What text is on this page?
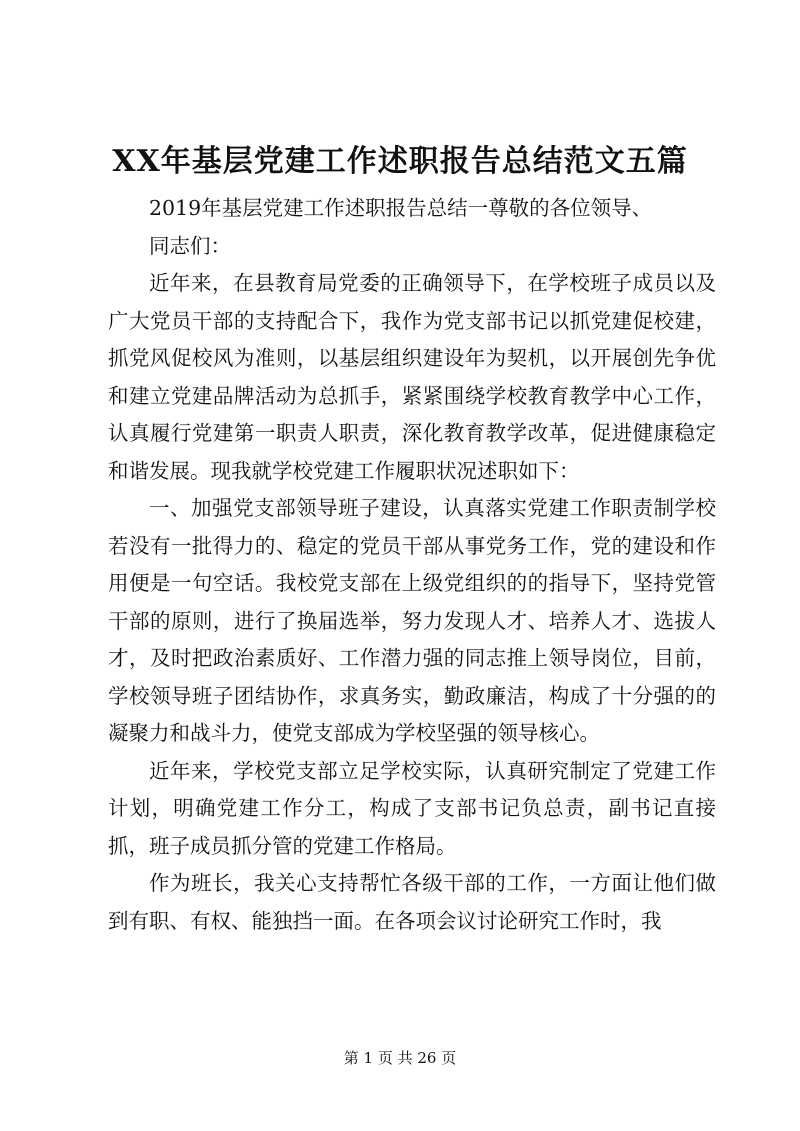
XX年基层党建工作述职报告总结范文五篇

2019年基层党建工作述职报告总结一尊敬的各位领导、

同志们：

近年来，在县教育局党委的正确领导下，在学校班子成员以及广大党员干部的支持配合下，我作为党支部书记以抓党建促校建，抓党风促校风为准则，以基层组织建设年为契机，以开展创先争优和建立党建品牌活动为总抓手，紧紧围绕学校教育教学中心工作，认真履行党建第一职责人职责，深化教育教学改革，促进健康稳定和谐发展。现我就学校党建工作履职状况述职如下：

一、加强党支部领导班子建设，认真落实党建工作职责制学校若没有一批得力的、稳定的党员干部从事党务工作，党的建设和作用便是一句空话。我校党支部在上级党组织的的指导下，坚持党管干部的原则，进行了换届选举，努力发现人才、培养人才、选拔人才，及时把政治素质好、工作潜力强的同志推上领导岗位，目前，学校领导班子团结协作，求真务实，勤政廉洁，构成了十分强的的凝聚力和战斗力，使党支部成为学校坚强的领导核心。

近年来，学校党支部立足学校实际，认真研究制定了党建工作计划，明确党建工作分工，构成了支部书记负总责，副书记直接抓，班子成员抓分管的党建工作格局。

作为班长，我关心支持帮忙各级干部的工作，一方面让他们做到有职、有权、能独挡一面。在各项会议讨论研究工作时，我

第 1 页 共 26 页
